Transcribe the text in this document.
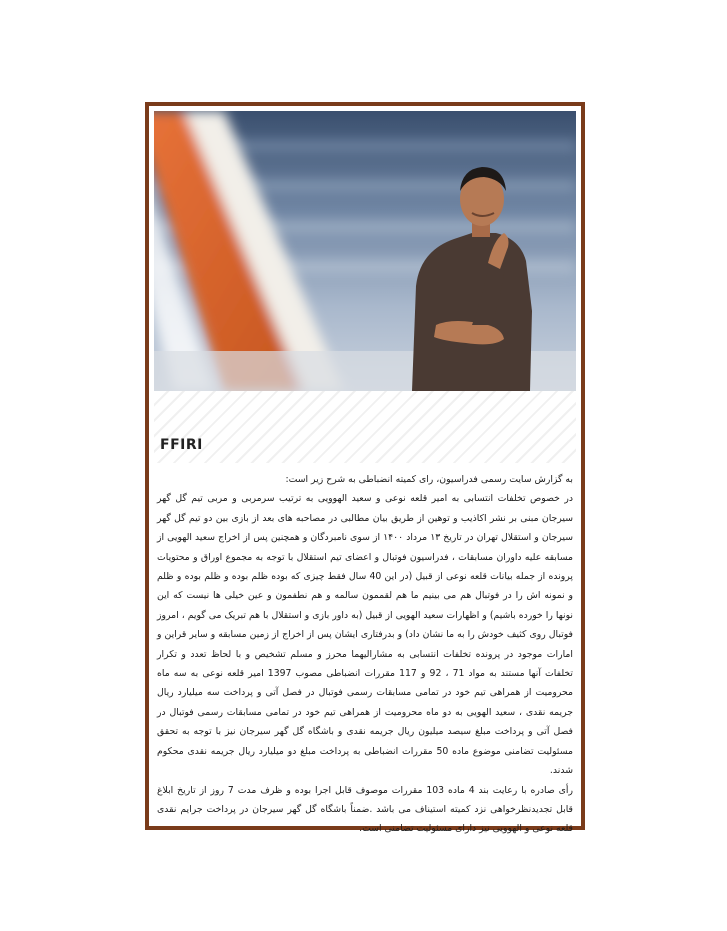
FFIRI

به گزارش سایت رسمی فدراسیون، رای کمیته انضباطی به شرح زیر است:

در خصوص تخلفات انتسابی به امیر قلعه نوعی و سعید الهوویی به ترتیب سرمربی و مربی تیم گل گهر سیرجان مبنی بر نشر اکاذیب و توهین از طریق بیان مطالبی در مصاحبه های بعد از بازی بین دو تیم گل گهر سیرجان و استقلال تهران در تاریخ ۱۳ مرداد ۱۴۰۰ از سوی نامبردگان و همچنین پس از اخراج سعید الهویی از مسابقه علیه داوران مسابقات ، فدراسیون فوتبال و اعضای تیم استقلال با توجه به مجموع اوراق و محتویات پرونده از جمله بیانات قلعه نوعی از قبیل (در این 40 سال فقط چیزی که بوده ظلم بوده و ظلم بوده و ظلم و نمونه اش را در فوتبال هم می بینیم ما هم لقممون سالمه و هم نطفمون و عین خیلی ها نیست که این نونها را خورده باشیم) و اظهارات سعید الهویی از قبیل (به داور بازی و استقلال با هم تبریک می گویم ، امروز فوتبال روی کثیف خودش را به ما نشان داد) و بدرفتاری ایشان پس از اخراج از زمین مسابقه و سایر قراین و امارات موجود در پرونده تخلفات انتسابی به مشارالیهما محرز و مسلم تشخیص و با لحاظ تعدد و تکرار تخلفات آنها مستند به مواد 71 ، 92 و 117 مقررات انضباطی مصوب 1397 امیر قلعه نوعی به سه ماه محرومیت از همراهی تیم خود در تمامی مسابقات رسمی فوتبال در فصل آتی و پرداخت سه میلیارد ریال جریمه نقدی ، سعید الهویی به دو ماه محرومیت از همراهی تیم خود در تمامی مسابقات رسمی فوتبال در فصل آتی و پرداخت مبلغ سیصد میلیون ریال جریمه نقدی و باشگاه گل گهر سیرجان نیز با توجه به تحقق مسئولیت تضامنی موضوع ماده 50 مقررات انضباطی به پرداخت مبلغ دو میلیارد ریال جریمه نقدی محکوم شدند.

رأی صادره با رعایت بند 4 ماده 103 مقررات موصوف قابل اجرا بوده و ظرف مدت 7 روز از تاریخ ابلاغ قابل تجدیدنظرخواهی نزد کمیته استیناف می باشد .ضمناً باشگاه گل گهر سیرجان در پرداخت جرایم نقدی قلعه نوعی و الهوویی نیز دارای مسئولیت تضامنی است.
